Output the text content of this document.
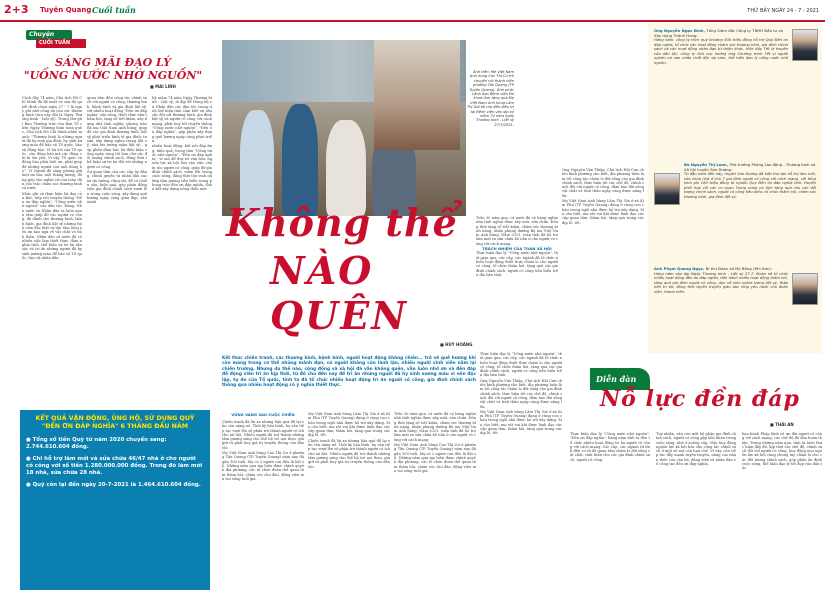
2+3 Tuyên Quang Cuối tuần	THỨ BẢY NGÀY 24 - 7 - 2021
Chuyện
CUỐI TUẦN
SÁNG MÃI ĐẠO LÝ
"UỐNG NƯỚC NHỚ NGUỒN"
■ MAI LINH

Cách đây 74 năm, Chủ tịch Hồ Chí Minh đã đề xuất và sau đó quyết định chọn ngày 27 - 7 là ngày ghi nhớ công ơn của các thương binh (sau này đổi là Ngày Thương binh - Liệt sỹ). Trong thư gửi Ban Thường trực của Ban Tổ chức Ngày Thương binh toàn quốc, Chủ tịch Hồ Chí Minh nhấn mạnh: "Thương binh là những người đã hy sinh gia đình, hy sinh xương máu để bảo vệ Tổ quốc, bảo vệ đồng bào. Vì lợi ích của Tổ quốc, của đồng bào mà các đồng chí bị ốm yếu. Vì vậy, Tổ quốc và đồng bào phải biết ơn, phải giúp đỡ những người con anh dũng ấy". Vì Người đã sáng phong giữ một ưu hai, một thắng lương, đồng góp vào nghĩa cử của toàn dân cho việc chăm sóc thương binh cả nước.

Khắc ghi và thực hiện lời dạy của Bác, tiếp nối truyền thống "Đền ơn đáp nghĩa", "Uống nước nhớ nguồn" của dân tộc, Đảng, Nhà nước và Nhân dân ta luôn quan tâm giúp đỡ các người có công, đã dành cho thương binh, bệnh binh, gia đình liệt sỹ những tình cảm đặc biệt và tận tâm lòng yêu ơn bao ngà về vật chất và tinh thần. Nhân dân cả nước đã có nhiều việc làm thiết thực, đảm nghĩa tình, thể hiện sự tri ân sâu sắc và tri ân những người đã hy sinh xương máu để bảo vệ Tổ quốc, bảo vệ nhân dân.

quan tâm đến công tác chính sách với người có công, thương binh, bệnh binh và gia đình liệt sỹ, với nhiều hoạt động "Đền ơn đáp nghĩa" sâu rộng, thiết thực như thăm hỏi, tặng sổ tiết kiệm, xây dựng nhà tình nghĩa; phong trào Bà mẹ Việt Nam Anh hùng; giúp đỡ các gia đình thương binh, liệt sỹ phát triển kinh tế gia đình; tu sửa, xây dựng nghĩa trang liệt sỹ, nhà bia tưởng niệm liệt sỹ... góp phần đảm bảo lợi điều kiện sống ngày càng tốt hơn cho các đối tượng chính sách, đồng thời thể hiện sự tri ân đối với những người có công.

Sự quan tâm của các cấp ủy đảng, chính quyền và nhân dân các xã tin tưởng, rộng rãi, để có chiều sâu, hiệu quả, góp phần động viên gia đình chính sách vươn lên trong cuộc sống, xây dựng quê hương ngày càng giàu đẹp, văn minh.

Kỷ niệm 74 năm Ngày Thương binh - Liệt sỹ, là dịp để Đảng bộ và Nhân dân các dân tộc trong tỉnh thể hiện tình cảm biết ơn sâu sắc đối với thương binh, gia đình liệt sỹ và người có công với cách mạng, phát huy tốt truyền thống "Uống nước nhớ nguồn", "Đền ơn đáp nghĩa", góp phần xây dựng quê hương ngày càng phát triển.

nhiều hoạt động, kết nối đáp ứng, hiệu quả, trọng tâm "Uống nước nhớ nguồn", "Đền ơn đáp nghĩa", vì sao để duy trì văn hóa, nguồn lực xã hội hóa vào việc chăm sóc người có công, giúp đỡ gia đình chính sách, vươn lên trong cuộc sống, đồng thời tôn vinh những tấm gương tiêu biểu trong phong trào đền ơn đáp nghĩa, đoàn kết xây dựng nông thôn mới.

KẾT QUẢ VẬN ĐỘNG, ỦNG HỘ, SỬ DỤNG QUỸ "ĐỀN ƠN ĐÁP NGHĨA" 6 THÁNG ĐẦU NĂM
● Tổng số tiền Quỹ từ năm 2020 chuyển sang: 2.744.610.604 đồng.
● Chi hỗ trợ làm mới và sửa chữa 46/47 nhà ở cho người có công với số tiền 1.280.000.000 đồng. Trong đó làm mới 18 nhà, sửa chữa 28 nhà.
● Quỹ còn lại đến ngày 20-7-2021 là 1.464.610.604 đồng.
Ảnh trên: Mẹ Việt Nam Anh hùng Cao Thị Cư trò chuyện với thành niên phường Tân Quang (TP Tuyên Quang). Ảnh phải: Lãnh đạo Bệnh viện Đa khoa tỉnh tặng quà Mẹ Việt Nam Anh hùng Lâm Thị Giá tôi mẹ đến điều trị tại Bệnh viện vào dịp kỷ niệm 74 năm ngày Thương binh - Liệt sỹ 27/7/2021.
Không thể
NÀO QUÊN
■ HUY HOÀNG

Trên 30 năm qua, cả nước đã có hàng nghìn nhà tình nghĩa được xây mới, sửa chữa. Đồng thời tặng sổ tiết kiệm, chăm sóc thương binh nặng, nhận phụng dưỡng Bà mẹ Việt Nam Anh hùng. Năm 2021, toàn tỉnh đã hỗ trợ làm mới và sửa chữa 46 nhà ở cho người có công với cách mạng.

TRÁCH NHIỆM CỦA TOÀN XÃ HỘI

Thực hiện đạo lý "Uống nước nhớ nguồn", thời gian qua, các cấp, các ngành đã tổ chức nhiều hoạt động thiết thực chăm lo cho người có công, tổ chức thăm hỏi, tặng quà các gia đình chính sách, người có công tiêu biểu trên địa bàn tỉnh.

Ông Nguyễn Văn Thiệp, Chủ tịch Hội Cựu chiến binh phường cho biết, địa phương luôn làm tốt công tác chăm lo đời sống cho gia đình chính sách, thực hiện tốt các chế độ, chính sách đối với người có công, đảm bảo đời sống vật chất và tinh thần ngày càng được nâng lên.

Mẹ Việt Nam Anh hùng Lâm Thị Giá ở xã Kim Phú (TP Tuyên Quang) đang ở cùng con cháu trong ngôi nhà được hỗ trợ xây dựng. Mẹ cho biết, mẹ rất vui khi được lãnh đạo các cấp quan tâm, thăm hỏi, tặng quà trong các dịp lễ, tết.

Kết thúc chiến tranh, các thương binh, bệnh binh, người hoạt động kháng chiến... trở về quê hương khi còn mang trong cơ thể những mảnh đạn, có người không còn lành lặn, nhiều người vĩnh viễn nằm lại chiến trường. Nhưng dù thế nào, cộng đồng và xã hội đã vẫn không quên, vẫn luôn nhớ ơn và đền đáp để động viên tri ân kịp thời, từ đó cho đến nay để tri ân những người đã hy sinh xương máu vì nền độc lập, tự do của Tổ quốc, tỉnh ta đã tổ chức nhiều hoạt động tri ân người có công, gia đình chính sách thông qua nhiều hoạt động có ý nghĩa thiết thực.
VỮNG VÀNG SAU CUỘC CHIẾN

Chiến tranh đã lùi xa nhưng hậu quả để lại vẫn còn nặng nề. Thời kỳ hòa bình, họ vẫn tiếp tục vượt lên số phận trở thành người có ích cho xã hội. Nhiều người đã trở thành những tấm gương sáng cho thế hệ trẻ noi theo, gìn giữ và phát huy giá trị truyền thống của dân tộc.

Mẹ Việt Nam Anh hùng Cao Thị Cư ở phường Tân Quang (TP Tuyên Quang) năm nay đã gần 100 tuổi. Mẹ có 2 người con đều là liệt sỹ. Những năm qua mẹ luôn được chính quyền địa phương, các tổ chức đoàn thể quan tâm thăm hỏi, chăm sóc chu đáo, động viên mẹ vui sống tuổi già.

Mẹ Việt Nam Anh hùng Lâm Thị Giá ở xã Kim Phú (TP Tuyên Quang) đang ở cùng con cháu trong ngôi nhà được hỗ trợ xây dựng. Mẹ cho biết, mẹ rất vui khi được lãnh đạo các cấp quan tâm, thăm hỏi, tặng quà trong các dịp lễ, tết.

Chiến tranh đã lùi xa nhưng hậu quả để lại vẫn còn nặng nề. Thời kỳ hòa bình, họ vẫn tiếp tục vượt lên số phận trở thành người có ích cho xã hội. Nhiều người đã trở thành những tấm gương sáng cho thế hệ trẻ noi theo, gìn giữ và phát huy giá trị truyền thống của dân tộc.

Trên 30 năm qua, cả nước đã có hàng nghìn nhà tình nghĩa được xây mới, sửa chữa. Đồng thời tặng sổ tiết kiệm, chăm sóc thương binh nặng, nhận phụng dưỡng Bà mẹ Việt Nam Anh hùng. Năm 2021, toàn tỉnh đã hỗ trợ làm mới và sửa chữa 46 nhà ở cho người có công với cách mạng.

Mẹ Việt Nam Anh hùng Cao Thị Cư ở phường Tân Quang (TP Tuyên Quang) năm nay đã gần 100 tuổi. Mẹ có 2 người con đều là liệt sỹ. Những năm qua mẹ luôn được chính quyền địa phương, các tổ chức đoàn thể quan tâm thăm hỏi, chăm sóc chu đáo, động viên mẹ vui sống tuổi già.

Thực hiện đạo lý "Uống nước nhớ nguồn", thời gian qua, các cấp, các ngành đã tổ chức nhiều hoạt động thiết thực chăm lo cho người có công, tổ chức thăm hỏi, tặng quà các gia đình chính sách, người có công tiêu biểu trên địa bàn tỉnh.

Ông Nguyễn Văn Thiệp, Chủ tịch Hội Cựu chiến binh phường cho biết, địa phương luôn làm tốt công tác chăm lo đời sống cho gia đình chính sách, thực hiện tốt các chế độ, chính sách đối với người có công, đảm bảo đời sống vật chất và tinh thần ngày càng được nâng lên.

Mẹ Việt Nam Anh hùng Lâm Thị Giá ở xã Kim Phú (TP Tuyên Quang) đang ở cùng con cháu trong ngôi nhà được hỗ trợ xây dựng. Mẹ cho biết, mẹ rất vui khi được lãnh đạo các cấp quan tâm, thăm hỏi, tặng quà trong các dịp lễ, tết.

Ông Nguyễn Ngọc Đình, Tổng Giám đốc Công ty TNHH Đầu tư và Xây dựng Thành Hưng:
Hàng năm, công ty trích quỹ khoảng 500 triệu đồng hỗ trợ Quỹ Đền ơn đáp nghĩa, tổ chức các hoạt động chăm sóc thương binh, gia đình chính sách và các hoạt động nhân đạo từ thiện khác. Việc đẩy Tết là truyền của dân tộc, công ty tích cực hưởng ứng Chương trình Tết vì người nghèo và nạn nhân chất độc da cam, thể hiện đạo lý uống nước nhớ nguồn.
Bà Nguyễn Thị Loan, Phó trưởng Phòng Lao động - Thương binh và Xã hội huyện Sơn Dương:
Từ đầu năm đến nay, huyện Sơn Dương đã tiếp thu tạo hỗ trợ làm mới, sửa chữa nhà ở cho 7 gia đình người có công với cách mạng, với tổng kinh phí 180 triệu đồng từ nguồn Quỹ Đền ơn đáp nghĩa tỉnh. Huyện phối hợp với các cơ quan Trung ương và tỉnh tặng quà cho các đối tượng chính sách, người có công tiêu biểu; tổ chức thăm hỏi, chăm sóc thương binh, gia đình liệt sỹ.
Anh Phạm Quang Ngọc, Bí thư Đoàn xã Mỹ Bằng (Yên Sơn):
Hàng năm vào dịp Ngày Thương binh - Liệt sỹ 27-7, Đoàn xã tổ chức nhiều hoạt động đền ơn đáp nghĩa, tiến hành nhiều hoạt động thăm hỏi, tặng quà gia đình người có công, dọn vệ sinh nghĩa trang liệt sỹ, thắp nến tri ân; đồng thời tuyên truyền giáo dục lòng yêu nước cho đoàn viên, thanh niên.
Diễn đàn
Nỗ lực đền đáp
■ THÁI AN

Thực hiện đạo lý "Uống nước nhớ nguồn", "Đền ơn đáp nghĩa", hàng năm tỉnh ta đều tổ chức nhiều hoạt động tri ân người có công với cách mạng. Các cấp, các ngành từ tỉnh đến cơ sở đã quan tâm chăm lo đời sống vật chất, tinh thần cho các gia đình chính sách, người có công.

Tuy nhiên, vẫn còn một bộ phận gia đình chính sách, người có công gặp khó khăn trong cuộc sống, nhà ở xuống cấp. Việc huy động nguồn lực xã hội hóa cho công tác chính sách ở một số nơi còn hạn chế. Vì vậy, cần tiếp tục đẩy mạnh tuyên truyền, nâng cao nhận thức của cán bộ, đảng viên và nhân dân về công tác đền ơn đáp nghĩa.

ban hành Pháp lệnh về ưu đãi người có công với cách mạng, các chế độ đã dần hoàn thiện. Trong những năm qua, tỉnh ta luôn thực hiện đầy đủ, kịp thời các chế độ, chính sách đối với người có công, huy động mọi nguồn lực xã hội cùng chung tay chăm lo cho các đối tượng chính sách, góp phần ổn định cuộc sống, thể hiện đạo lý tốt đẹp của dân tộc.
